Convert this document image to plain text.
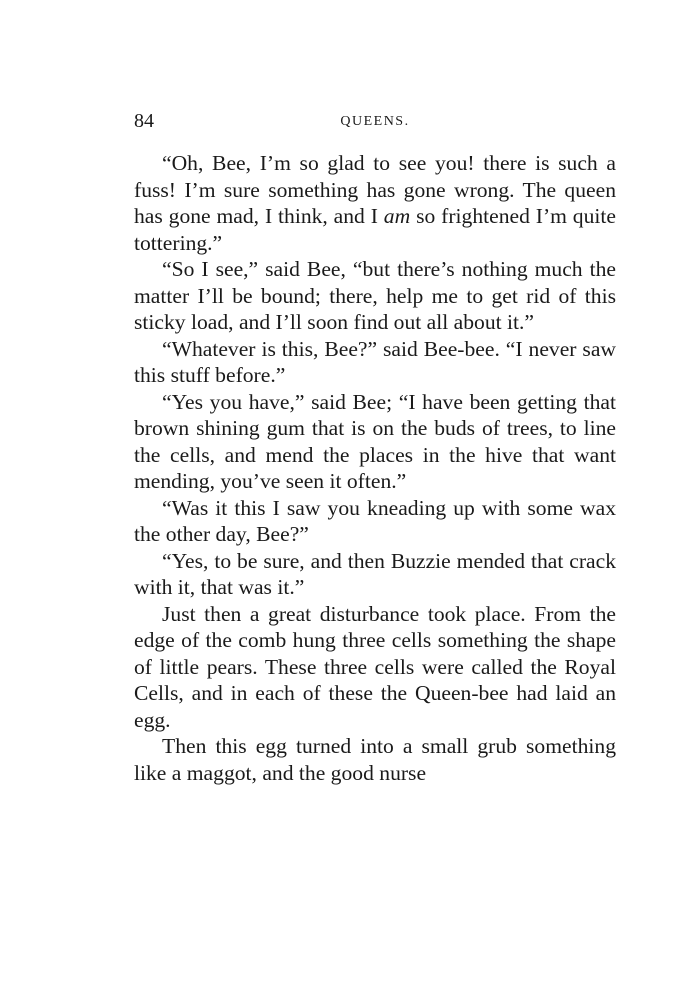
84	QUEENS.

“Oh, Bee, I’m so glad to see you! there is such a fuss! I’m sure something has gone wrong. The queen has gone mad, I think, and I am so frightened I’m quite tottering.”

“So I see,” said Bee, “but there’s nothing much the matter I’ll be bound; there, help me to get rid of this sticky load, and I’ll soon find out all about it.”

“Whatever is this, Bee?” said Bee-bee. “I never saw this stuff before.”

“Yes you have,” said Bee; “I have been getting that brown shining gum that is on the buds of trees, to line the cells, and mend the places in the hive that want mending, you’ve seen it often.”

“Was it this I saw you kneading up with some wax the other day, Bee?”

“Yes, to be sure, and then Buzzie mended that crack with it, that was it.”

Just then a great disturbance took place. From the edge of the comb hung three cells something the shape of little pears. These three cells were called the Royal Cells, and in each of these the Queen-bee had laid an egg.

Then this egg turned into a small grub something like a maggot, and the good nurse
